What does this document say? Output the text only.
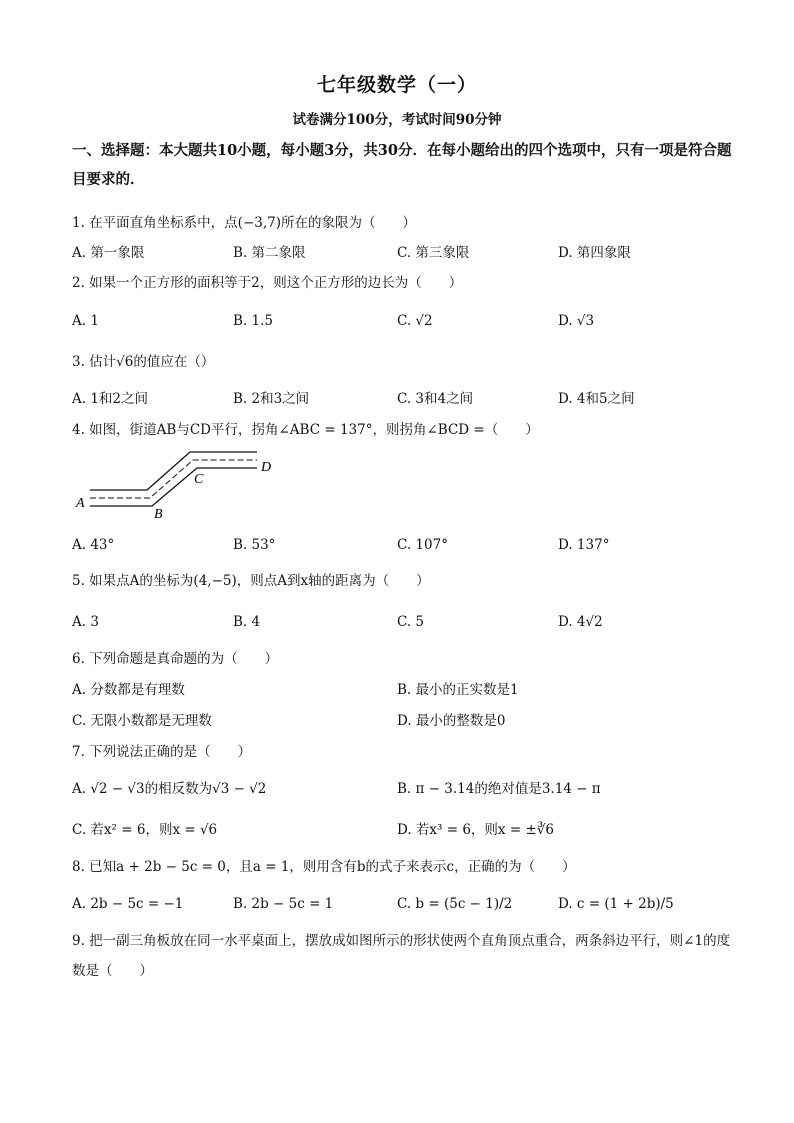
七年级数学（一）
试卷满分100分，考试时间90分钟
一、选择题：本大题共10小题，每小题3分，共30分．在每小题给出的四个选项中，只有一项是符合题目要求的．
1. 在平面直角坐标系中，点(−3,7)所在的象限为（　　）
A. 第一象限	B. 第二象限	C. 第三象限	D. 第四象限
2. 如果一个正方形的面积等于2，则这个正方形的边长为（　　）
A. 1	B. 1.5	C. √2	D. √3
3. 估计√6的值应在（）
A. 1和2之间	B. 2和3之间	C. 3和4之间	D. 4和5之间
4. 如图，街道AB与CD平行，拐角∠ABC = 137°，则拐角∠BCD =（　　）
A
B
C
D
A. 43°	B. 53°	C. 107°	D. 137°
5. 如果点A的坐标为(4,−5)，则点A到x轴的距离为（　　）
A. 3	B. 4	C. 5	D. 4√2
6. 下列命题是真命题的为（　　）
A. 分数都是有理数	B. 最小的正实数是1
C. 无限小数都是无理数	D. 最小的整数是0
7. 下列说法正确的是（　　）
A. √2 − √3的相反数为√3 − √2	B. π − 3.14的绝对值是3.14 − π
C. 若x² = 6，则x = √6	D. 若x³ = 6，则x = ±∛6
8. 已知a + 2b − 5c = 0，且a = 1，则用含有b的式子来表示c，正确的为（　　）
A. 2b − 5c = −1	B. 2b − 5c = 1	C. b = (5c − 1)/2	D. c = (1 + 2b)/5
9. 把一副三角板放在同一水平桌面上，摆放成如图所示的形状使两个直角顶点重合，两条斜边平行，则∠1的度数是（　　）
